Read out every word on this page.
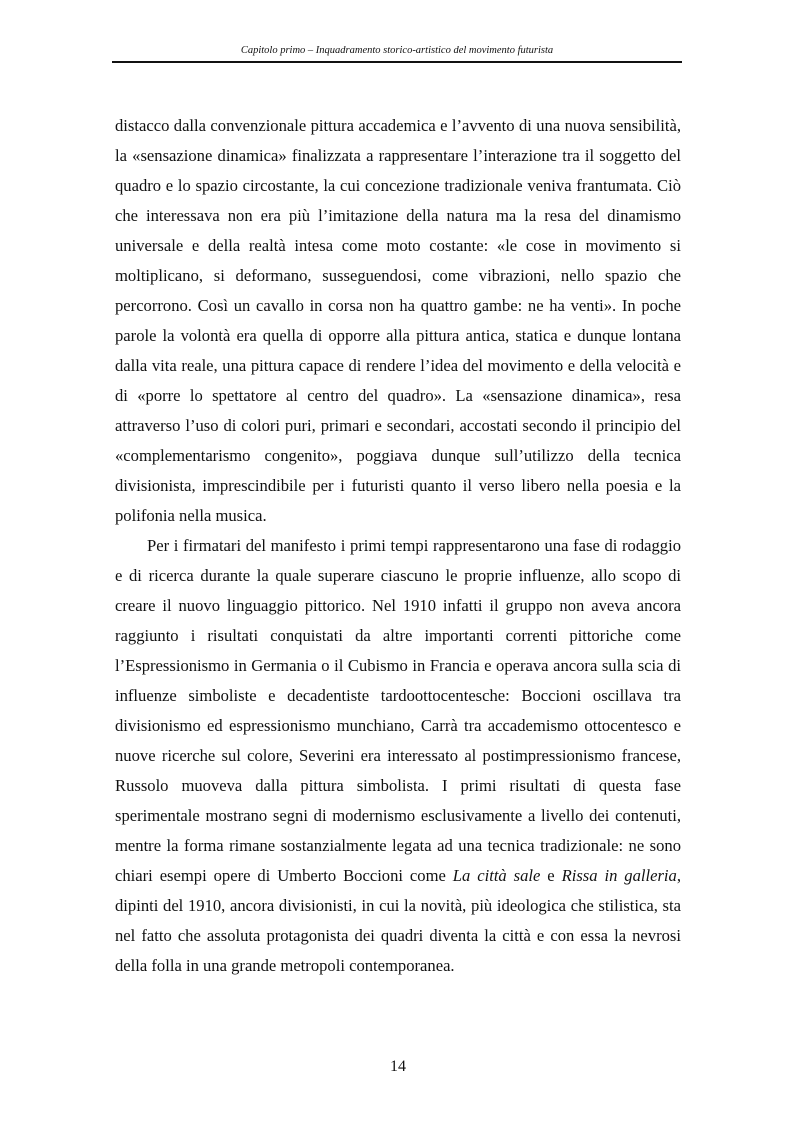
Capitolo primo – Inquadramento storico-artistico del movimento futurista

distacco dalla convenzionale pittura accademica e l’avvento di una nuova sensibilità, la «sensazione dinamica» finalizzata a rappresentare l’interazione tra il soggetto del quadro e lo spazio circostante, la cui concezione tradizionale veniva frantumata. Ciò che interessava non era più l’imitazione della natura ma la resa del dinamismo universale e della realtà intesa come moto costante: «le cose in movimento si moltiplicano, si deformano, susseguendosi, come vibrazioni, nello spazio che percorrono. Così un cavallo in corsa non ha quattro gambe: ne ha venti». In poche parole la volontà era quella di opporre alla pittura antica, statica e dunque lontana dalla vita reale, una pittura capace di rendere l’idea del movimento e della velocità e di «porre lo spettatore al centro del quadro». La «sensazione dinamica», resa attraverso l’uso di colori puri, primari e secondari, accostati secondo il principio del «complementarismo congenito», poggiava dunque sull’utilizzo della tecnica divisionista, imprescindibile per i futuristi quanto il verso libero nella poesia e la polifonia nella musica.

Per i firmatari del manifesto i primi tempi rappresentarono una fase di rodaggio e di ricerca durante la quale superare ciascuno le proprie influenze, allo scopo di creare il nuovo linguaggio pittorico. Nel 1910 infatti il gruppo non aveva ancora raggiunto i risultati conquistati da altre importanti correnti pittoriche come l’Espressionismo in Germania o il Cubismo in Francia e operava ancora sulla scia di influenze simboliste e decadentiste tardoottocentesche: Boccioni oscillava tra divisionismo ed espressionismo munchiano, Carrà tra accademismo ottocentesco e nuove ricerche sul colore, Severini era interessato al postimpressionismo francese, Russolo muoveva dalla pittura simbolista. I primi risultati di questa fase sperimentale mostrano segni di modernismo esclusivamente a livello dei contenuti, mentre la forma rimane sostanzialmente legata ad una tecnica tradizionale: ne sono chiari esempi opere di Umberto Boccioni come La città sale e Rissa in galleria, dipinti del 1910, ancora divisionisti, in cui la novità, più ideologica che stilistica, sta nel fatto che assoluta protagonista dei quadri diventa la città e con essa la nevrosi della folla in una grande metropoli contemporanea.

14
